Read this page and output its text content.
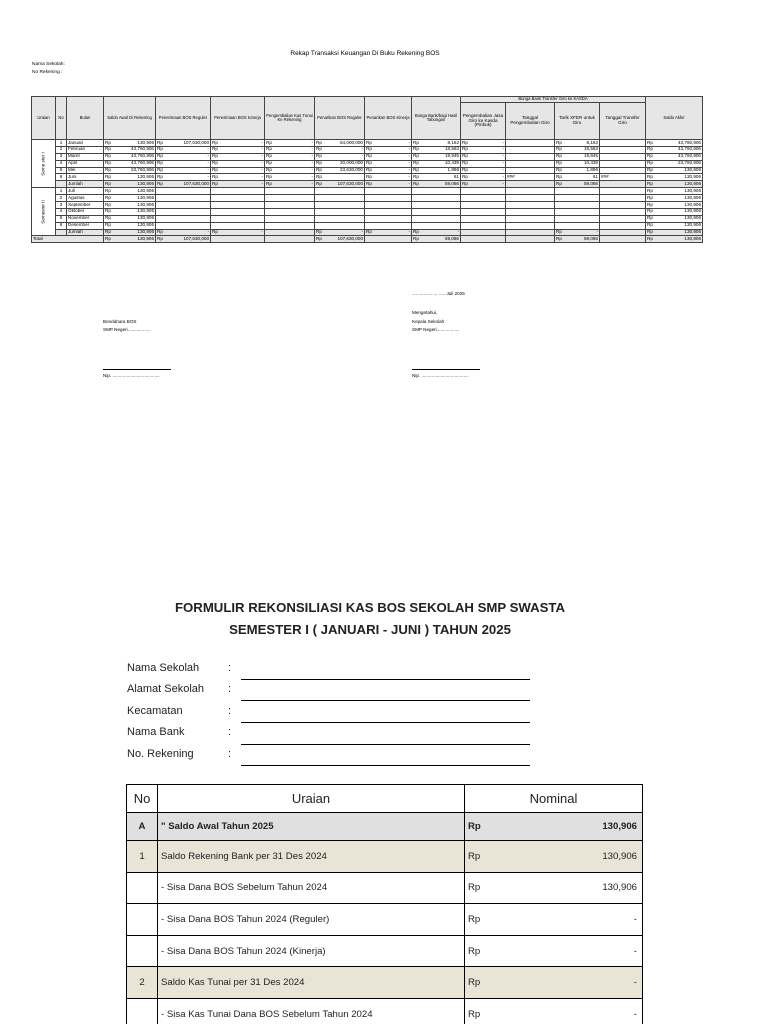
Rekap Transaksi Keuangan Di Buku Rekening BOS
Nama Sekolah:
No Rekening :
Uraian	No	Bulan	Saldo Awal Di Rekening	Penerimaan BOS Reguler	Penerimaan BOS Kinerja	Pengembalian Kas Tunai Ke Rekening	Penarikan BOS Reguler	Penarikan BOS Kinerja	Bunga Bank/bagi Hasil Tabungan	Bunga Bank Transfer Giro ke KASDA				Saldo Akhir
										Pengembalian Jasa Giro ke Kasda (Pinbuk)	Tanggal Pengembalian Giro	Tarik XFER untuk Giro	Tanggal Transfer Giro	

Seme ster I	1	Januari	Rp 130,906	Rp 107,630,000	Rp -	Rp -	Rp 64,000,000	Rp -	Rp 8,162	Rp -		Rp 8,162		Rp 43,760,906

	2	Februari	Rp 43,760,906	Rp -	Rp -	Rp -	Rp -	Rp -	Rp 18,563	Rp -		Rp 18,563		Rp 43,760,906

	3	Maret	Rp 43,760,906	Rp -	Rp -	Rp -	Rp -	Rp -	Rp 19,945	Rp -		Rp 19,945		Rp 43,760,906

	4	April	Rp 43,760,906	Rp -	Rp -	Rp -	Rp 20,000,000	Rp -	Rp 10,439	Rp -		Rp 10,439		Rp 23,760,906

	5	Mei	Rp 23,760,906	Rp -	Rp -	Rp -	Rp 23,630,000	Rp -	Rp 1,896	Rp -		Rp 1,896		Rp 130,906

	6	Juni	Rp 130,906	Rp -	Rp -	Rp -	Rp	Rp -	Rp 61	Rp -	###	Rp 61	###	Rp 130,906

		Jumlah	Rp 130,906	Rp 107,630,000	Rp -	Rp -	Rp 107,630,000	Rp -	Rp 59,066	Rp -		Rp 59,066		Rp 130,906

Semester II	1	Juli	Rp 130,906											Rp 130,906

	2	Agustus	Rp 130,906											Rp 130,906

	3	September	Rp 130,906											Rp 130,906

	4	Oktober	Rp 130,906											Rp 130,906

	5	November	Rp 130,906											Rp 130,906

	6	Desember	Rp 130,906											Rp 130,906

		Jumlah	Rp 130,906	Rp -	Rp -		Rp -	Rp -	Rp -			Rp -		Rp 130,906

Total			Rp 130,906	Rp 107,630,000			Rp 107,630,000		Rp 59,066			Rp 59,066		Rp 130,906
..................., ..... Juli 2025
Bendahara BOS
SMP Negeri..................
Nip. .....................................
Mengetahui,
Kepala Sekolah
SMP Negeri..................
Nip. .....................................
FORMULIR REKONSILIASI KAS BOS SEKOLAH SMP SWASTA
SEMESTER I ( JANUARI - JUNI ) TAHUN 2025
Nama Sekolah	:
Alamat Sekolah :
Kecamatan	:
Nama Bank	:
No. Rekening	:
No	Uraian	Nominal
A	" Saldo Awal Tahun 2025	Rp 130,906

1	Saldo Rekening Bank per 31 Des 2024	Rp 130,906

	- Sisa Dana BOS Sebelum Tahun 2024	Rp 130,906

	- Sisa Dana BOS Tahun 2024 (Reguler)	Rp -

	- Sisa Dana BOS Tahun 2024 (Kinerja)	Rp -

2	Saldo Kas Tunai per 31 Des 2024	Rp -

	- Sisa Kas Tunai Dana BOS Sebelum Tahun 2024	Rp -
